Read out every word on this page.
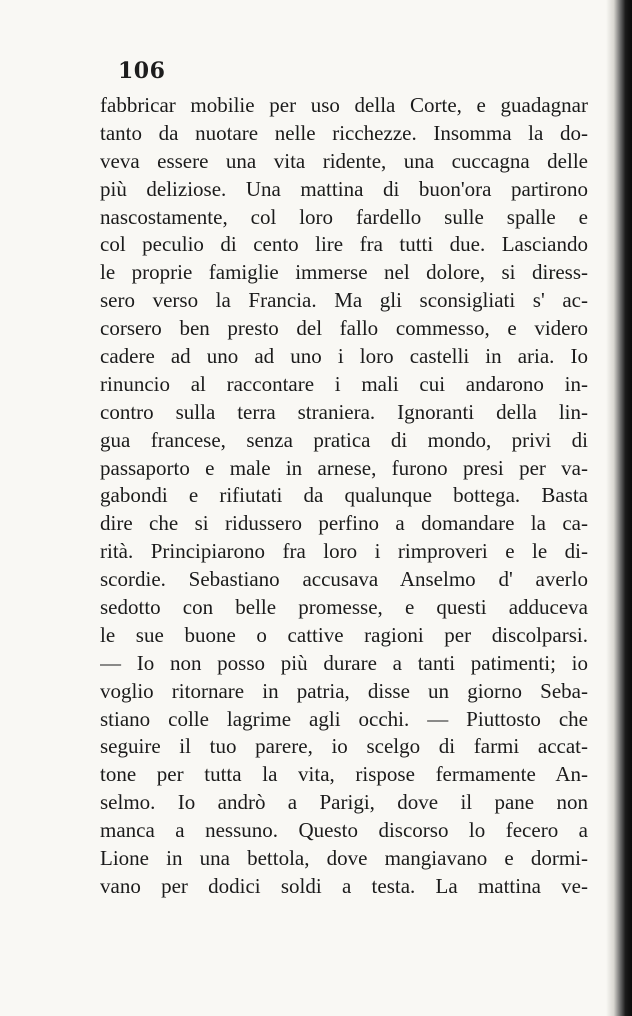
106
fabbricar mobilie per uso della Corte, e guadagnar
tanto da nuotare nelle ricchezze. Insomma la do-
veva essere una vita ridente, una cuccagna delle
più deliziose. Una mattina di buon'ora partirono
nascostamente, col loro fardello sulle spalle e
col peculio di cento lire fra tutti due. Lasciando
le proprie famiglie immerse nel dolore, si diress-
sero verso la Francia. Ma gli sconsigliati s' ac-
corsero ben presto del fallo commesso, e videro
cadere ad uno ad uno i loro castelli in aria. Io
rinuncio al raccontare i mali cui andarono in-
contro sulla terra straniera. Ignoranti della lin-
gua francese, senza pratica di mondo, privi di
passaporto e male in arnese, furono presi per va-
gabondi e rifiutati da qualunque bottega. Basta
dire che si ridussero perfino a domandare la ca-
rità. Principiarono fra loro i rimproveri e le di-
scordie. Sebastiano accusava Anselmo d' averlo
sedotto con belle promesse, e questi adduceva
le sue buone o cattive ragioni per discolparsi.
— Io non posso più durare a tanti patimenti; io
voglio ritornare in patria, disse un giorno Seba-
stiano colle lagrime agli occhi. — Piuttosto che
seguire il tuo parere, io scelgo di farmi accat-
tone per tutta la vita, rispose fermamente An-
selmo. Io andrò a Parigi, dove il pane non
manca a nessuno. Questo discorso lo fecero a
Lione in una bettola, dove mangiavano e dormi-
vano per dodici soldi a testa. La mattina ve-
